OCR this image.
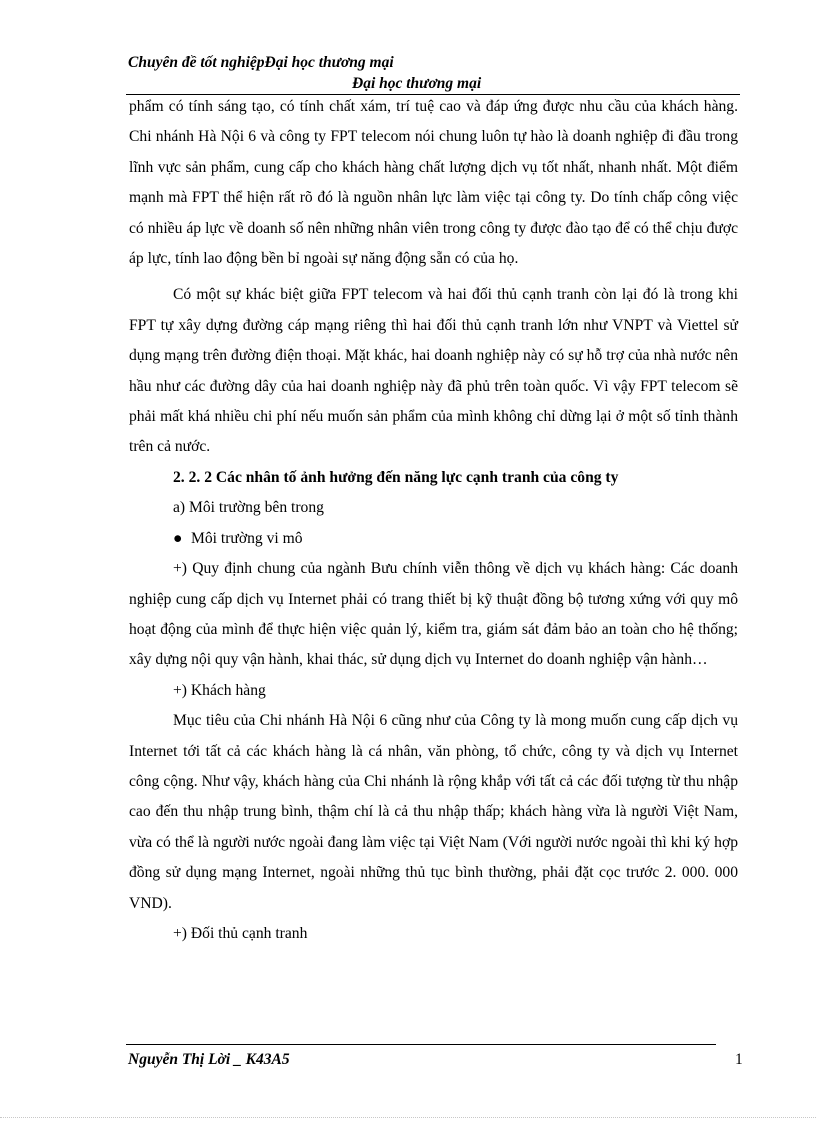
Chuyên đề tốt nghiệpĐại học thương mại
Đại học thương mại

phẩm có tính sáng tạo, có tính chất xám, trí tuệ cao và đáp ứng được nhu cầu của khách hàng. Chi nhánh Hà Nội 6 và công ty FPT telecom nói chung luôn tự hào là doanh nghiệp đi đầu trong lĩnh vực sản phẩm, cung cấp cho khách hàng chất lượng dịch vụ tốt nhất, nhanh nhất. Một điểm mạnh mà FPT thể hiện rất rõ đó là nguồn nhân lực làm việc tại công ty. Do tính chấp công việc có nhiều áp lực về doanh số nên những nhân viên trong công ty được đào tạo để có thể chịu được áp lực, tính lao động bền bỉ ngoài sự năng động sẵn có của họ.

Có một sự khác biệt giữa FPT telecom và hai đối thủ cạnh tranh còn lại đó là trong khi FPT tự xây dựng đường cáp mạng riêng thì hai đối thủ cạnh tranh lớn như VNPT và Viettel sử dụng mạng trên đường điện thoại. Mặt khác, hai doanh nghiệp này có sự hỗ trợ của nhà nước nên hầu như các đường dây của hai doanh nghiệp này đã phủ trên toàn quốc. Vì vậy FPT telecom sẽ phải mất khá nhiều chi phí nếu muốn sản phẩm của mình không chỉ dừng lại ở một số tỉnh thành trên cả nước.

2. 2. 2 Các nhân tố ảnh hưởng đến năng lực cạnh tranh của công ty

a) Môi trường bên trong

● Môi trường vi mô

+) Quy định chung của ngành Bưu chính viễn thông về dịch vụ khách hàng: Các doanh nghiệp cung cấp dịch vụ Internet phải có trang thiết bị kỹ thuật đồng bộ tương xứng với quy mô hoạt động của mình để thực hiện việc quản lý, kiểm tra, giám sát đảm bảo an toàn cho hệ thống; xây dựng nội quy vận hành, khai thác, sử dụng dịch vụ Internet do doanh nghiệp vận hành…

+) Khách hàng

Mục tiêu của Chi nhánh Hà Nội 6 cũng như của Công ty là mong muốn cung cấp dịch vụ Internet tới tất cả các khách hàng là cá nhân, văn phòng, tổ chức, công ty và dịch vụ Internet công cộng. Như vậy, khách hàng của Chi nhánh là rộng khắp với tất cả các đối tượng từ thu nhập cao đến thu nhập trung bình, thậm chí là cả thu nhập thấp; khách hàng vừa là người Việt Nam, vừa có thể là người nước ngoài đang làm việc tại Việt Nam (Với người nước ngoài thì khi ký hợp đồng sử dụng mạng Internet, ngoài những thủ tục bình thường, phải đặt cọc trước 2. 000. 000 VND).

+) Đối thủ cạnh tranh

Nguyễn Thị Lời _ K43A5	1
